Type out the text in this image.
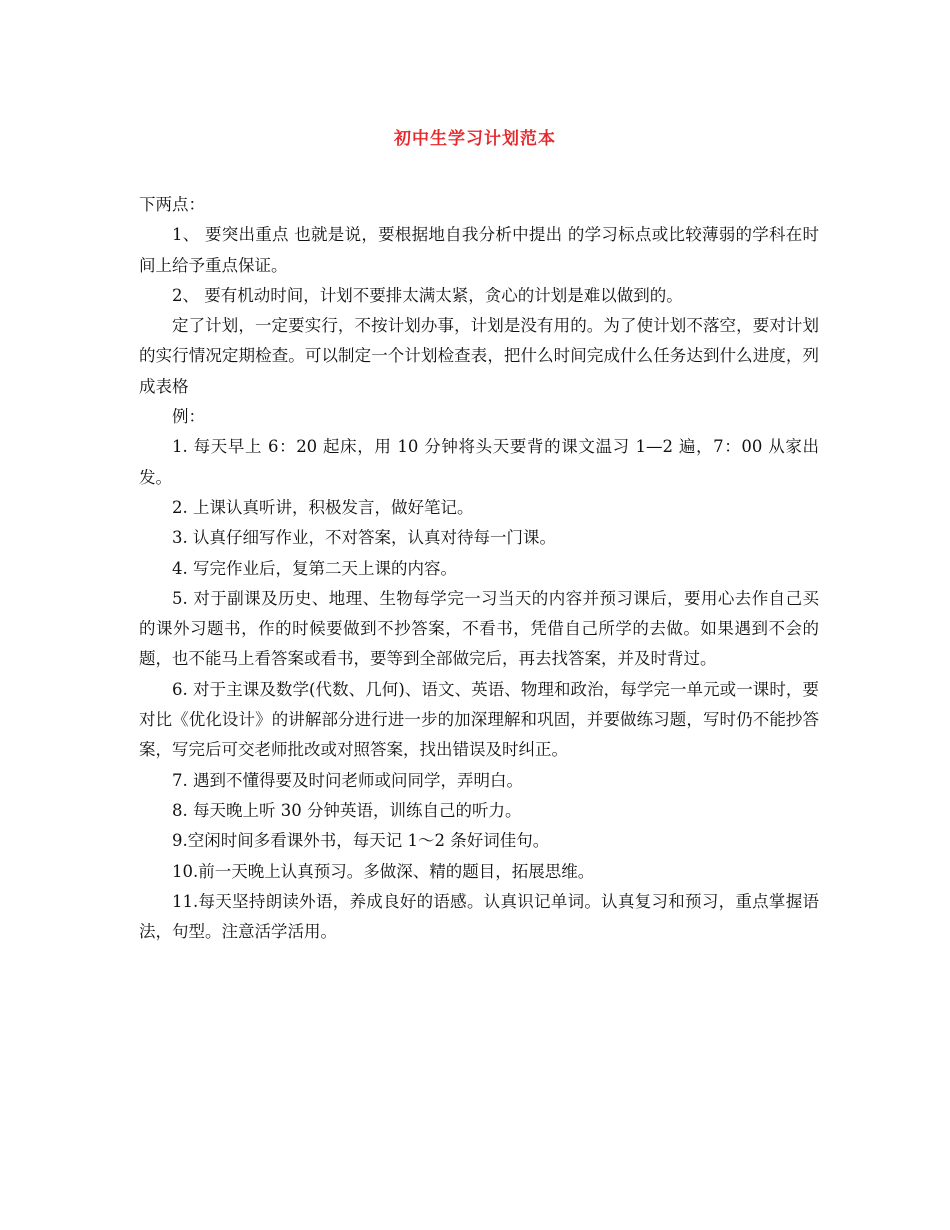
初中生学习计划范本

下两点：

1、 要突出重点 也就是说，要根据地自我分析中提出 的学习标点或比较薄弱的学科在时间上给予重点保证。

2、 要有机动时间，计划不要排太满太紧，贪心的计划是难以做到的。

定了计划，一定要实行，不按计划办事，计划是没有用的。为了使计划不落空，要对计划的实行情况定期检查。可以制定一个计划检查表，把什么时间完成什么任务达到什么进度，列成表格

例：

1. 每天早上 6：20 起床，用 10 分钟将头天要背的课文温习 1—2 遍，7：00 从家出发。

2. 上课认真听讲，积极发言，做好笔记。

3. 认真仔细写作业，不对答案，认真对待每一门课。

4. 写完作业后，复第二天上课的内容。

5. 对于副课及历史、地理、生物每学完一习当天的内容并预习课后，要用心去作自己买的课外习题书，作的时候要做到不抄答案，不看书，凭借自己所学的去做。如果遇到不会的题，也不能马上看答案或看书，要等到全部做完后，再去找答案，并及时背过。

6. 对于主课及数学(代数、几何)、语文、英语、物理和政治，每学完一单元或一课时，要对比《优化设计》的讲解部分进行进一步的加深理解和巩固，并要做练习题，写时仍不能抄答案，写完后可交老师批改或对照答案，找出错误及时纠正。

7. 遇到不懂得要及时问老师或问同学，弄明白。

8. 每天晚上听 30 分钟英语，训练自己的听力。

9.空闲时间多看课外书，每天记 1～2 条好词佳句。

10.前一天晚上认真预习。多做深、精的题目，拓展思维。

11.每天坚持朗读外语，养成良好的语感。认真识记单词。认真复习和预习，重点掌握语法，句型。注意活学活用。
